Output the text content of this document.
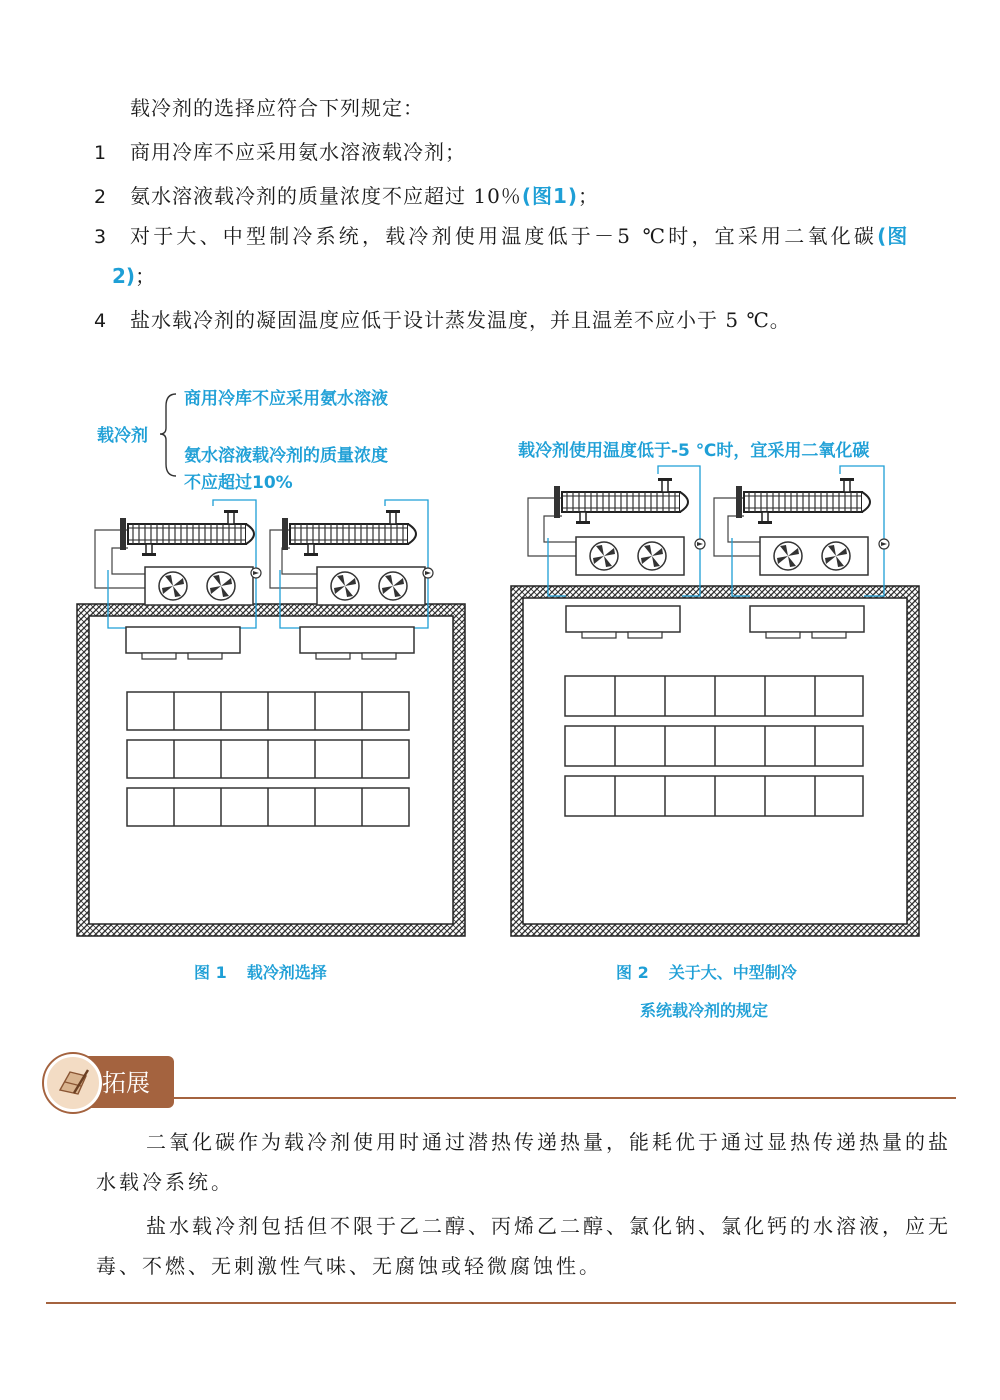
载冷剂的选择应符合下列规定：
1 商用冷库不应采用氨水溶液载冷剂；
2 氨水溶液载冷剂的质量浓度不应超过 10％(图1)；
3 对于大、中型制冷系统，载冷剂使用温度低于－5 ℃时，宜采用二氧化碳(图
2)；
4 盐水载冷剂的凝固温度应低于设计蒸发温度，并且温差不应小于 5 ℃。
载冷剂
商用冷库不应采用氨水溶液
氨水溶液载冷剂的质量浓度
不应超过10%
载冷剂使用温度低于-5 ℃时，宜采用二氧化碳
图 1 载冷剂选择	图 2 关于大、中型制冷
系统载冷剂的规定
拓展
二氧化碳作为载冷剂使用时通过潜热传递热量，能耗优于通过显热传递热量的盐水载冷系统。
盐水载冷剂包括但不限于乙二醇、丙烯乙二醇、氯化钠、氯化钙的水溶液，应无毒、不燃、无刺激性气味、无腐蚀或轻微腐蚀性。
